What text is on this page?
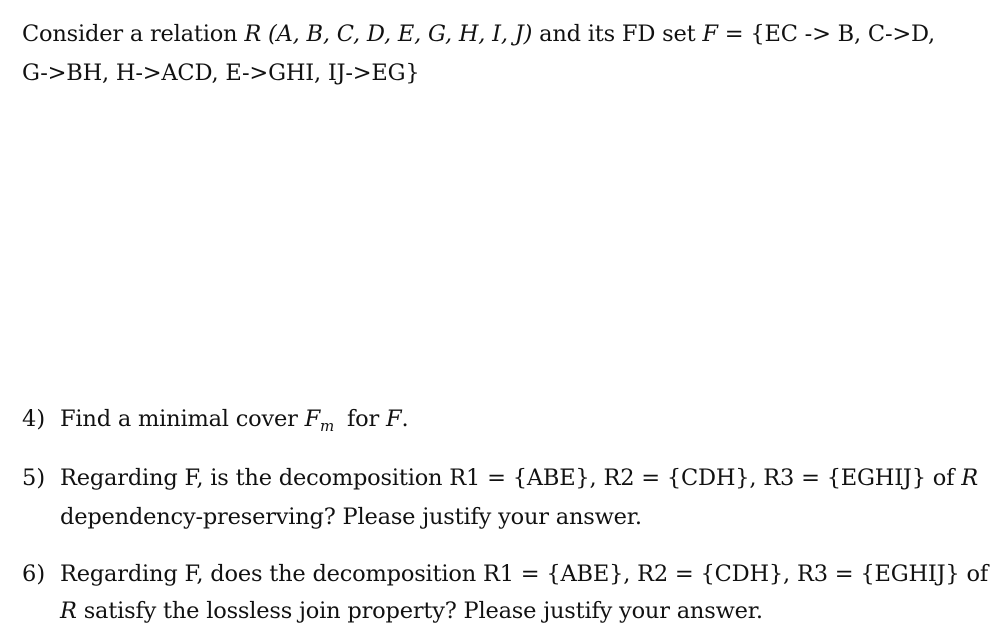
Consider a relation R (A, B, C, D, E, G, H, I, J) and its FD set F = {EC -> B, C->D,
G->BH, H->ACD, E->GHI, IJ->EG}
4) Find a minimal cover $F_m$ for F.
5) Regarding F, is the decomposition R1 = {ABE}, R2 = {CDH}, R3 = {EGHIJ} of R
dependency-preserving? Please justify your answer.
6) Regarding F, does the decomposition R1 = {ABE}, R2 = {CDH}, R3 = {EGHIJ} of
R satisfy the lossless join property? Please justify your answer.
